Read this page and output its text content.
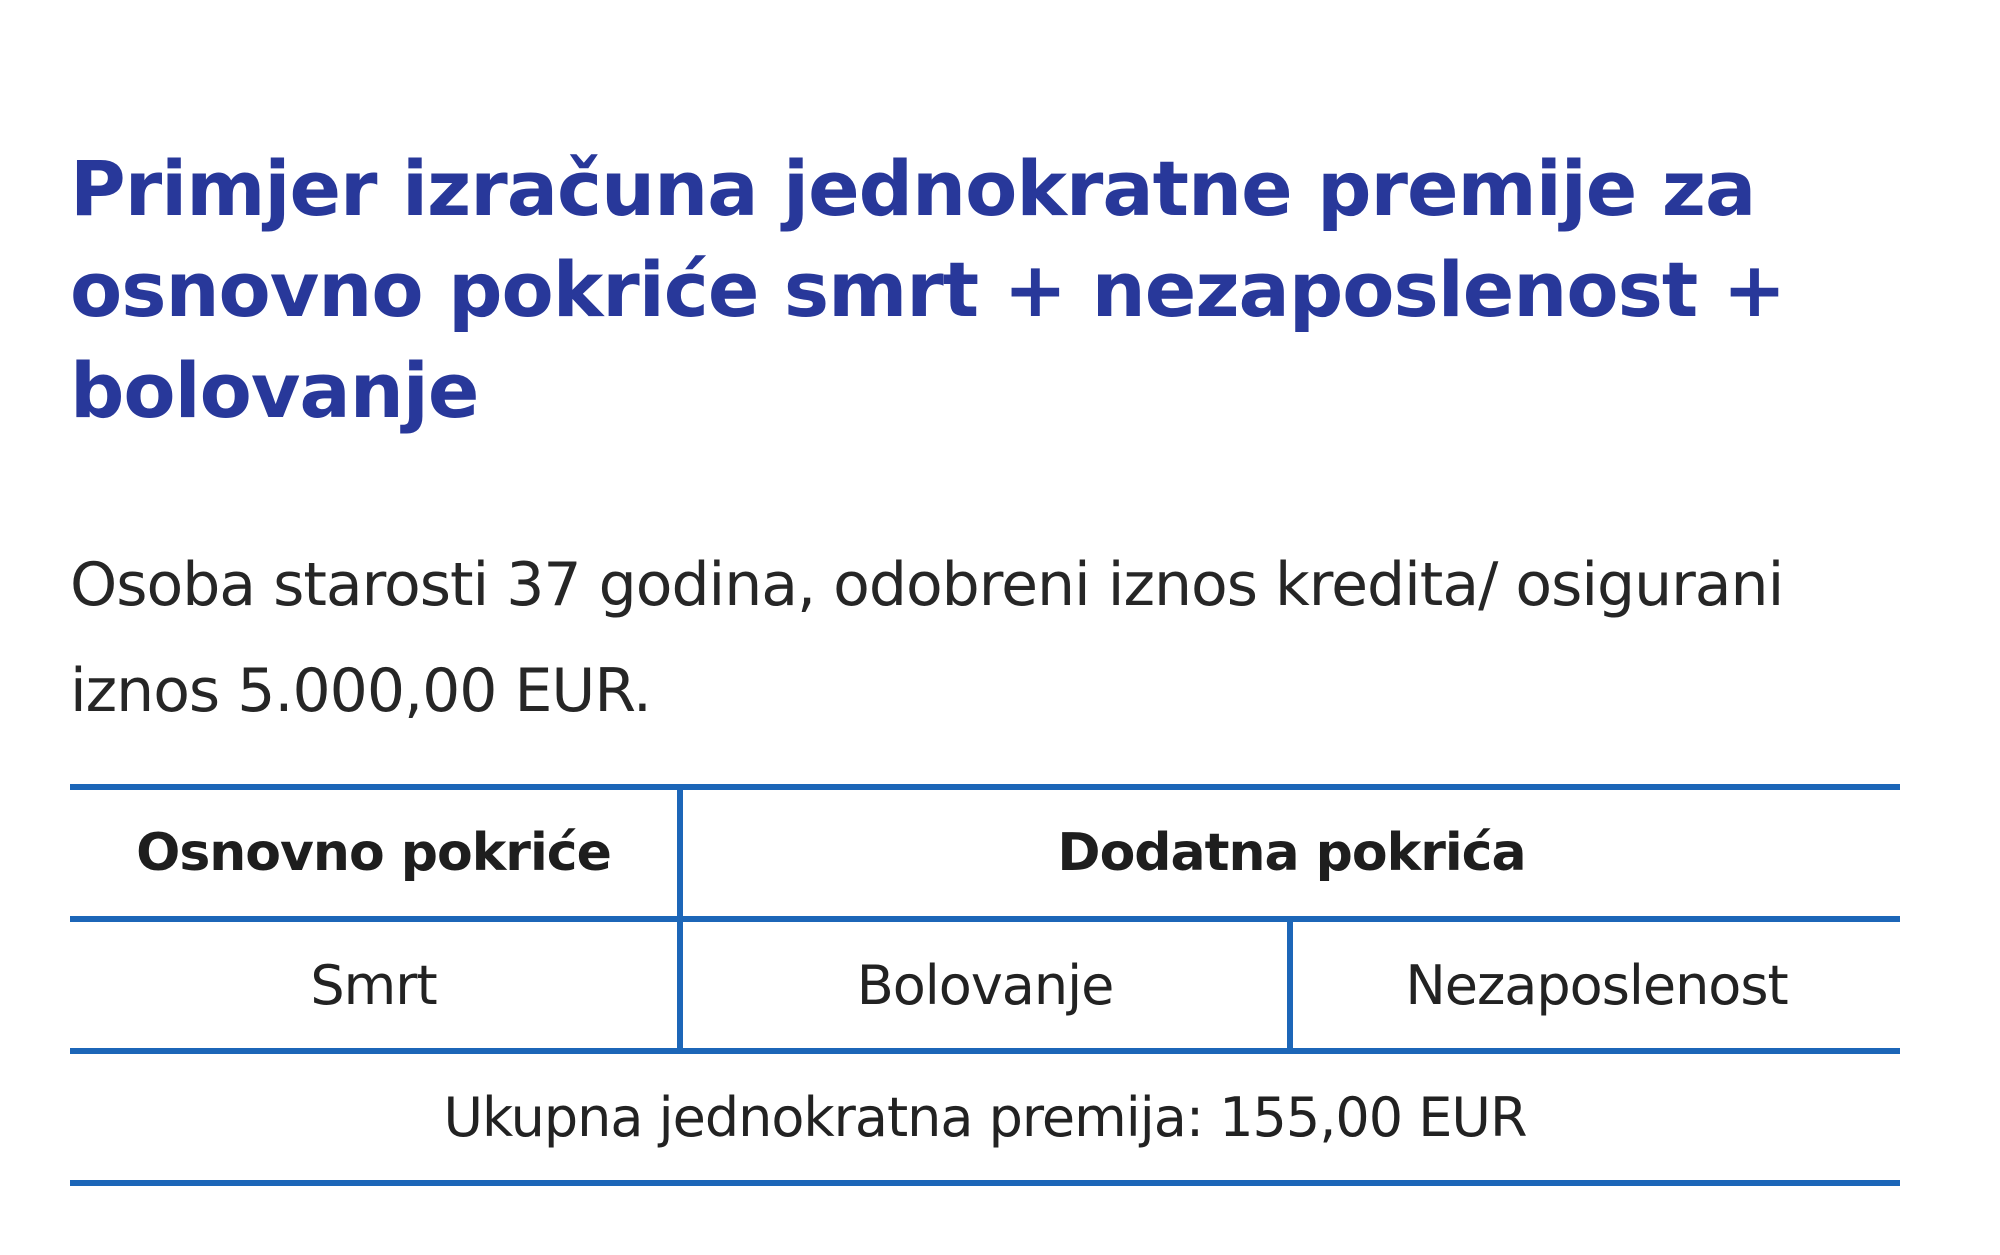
Primjer izračuna jednokratne premije za osnovno pokriće smrt + nezaposlenost + bolovanje

Osoba starosti 37 godina, odobreni iznos kredita/ osigurani iznos 5.000,00 EUR.

Osnovno pokriće	Dodatna pokrića	
Smrt	Bolovanje	Nezaposlenost
Ukupna jednokratna premija: 155,00 EUR		
